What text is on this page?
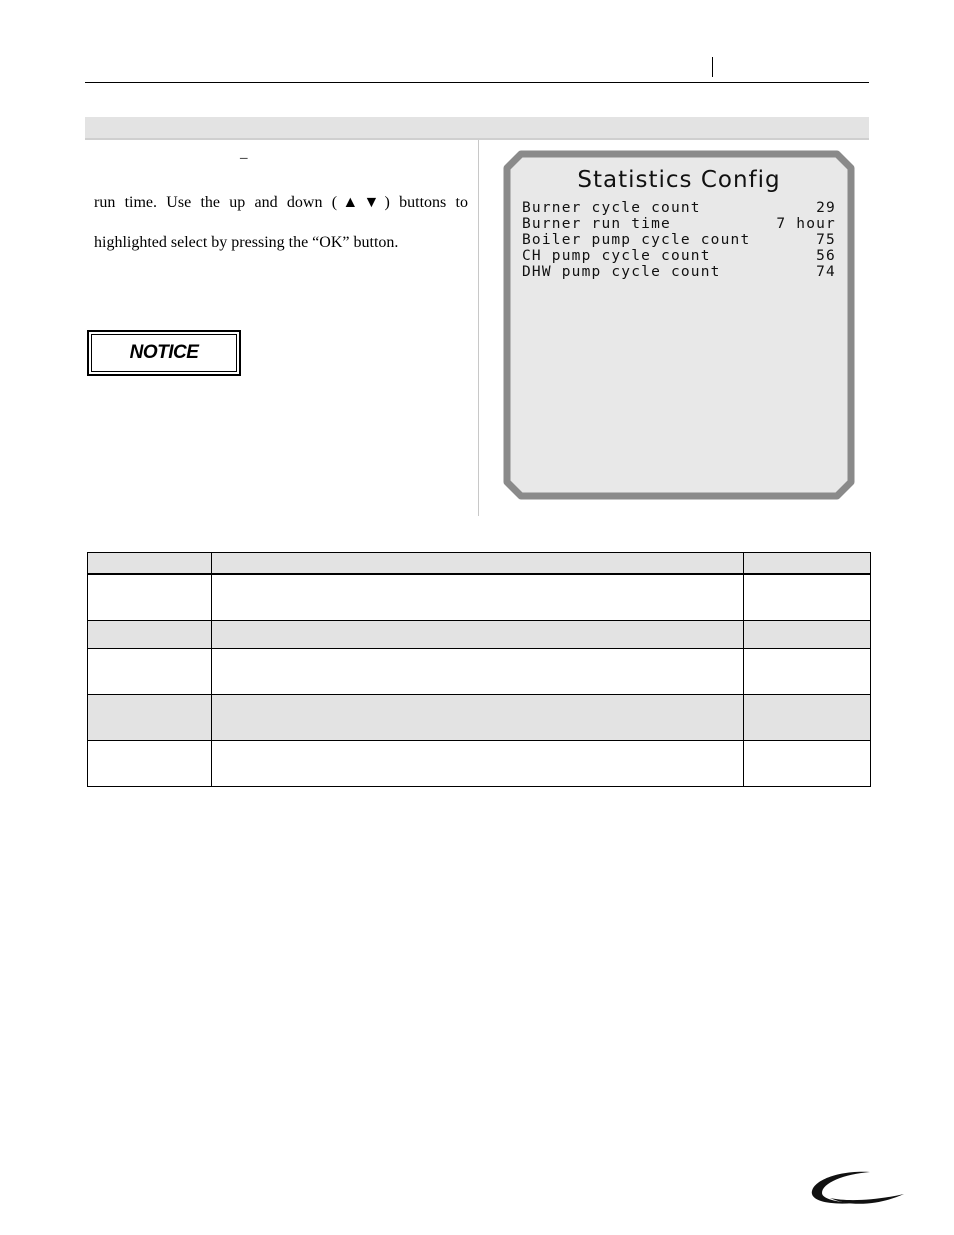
–
run time. Use the up and down (▲▼) buttons to
highlighted select by pressing the “OK” button.
NOTICE
Statistics Config
Burner cycle count	29
Burner run time	7 hour
Boiler pump cycle count	75
CH pump cycle count	56
DHW pump cycle count	74
